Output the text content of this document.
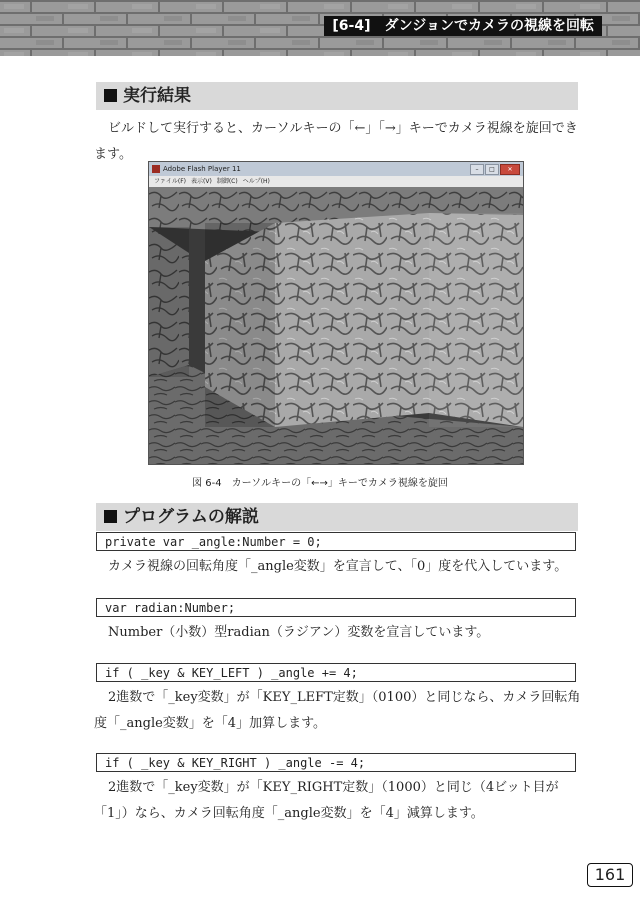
[6-4]　ダンジョンでカメラの視線を回転
実行結果
ビルドして実行すると、カーソルキーの「←」「→」キーでカメラ視線を旋回できます。
Adobe Flash Player 11	– □ ✕
ファイル(F) 表示(V) 制御(C) ヘルプ(H)
図 6-4　カーソルキーの「←→」キーでカメラ視線を旋回
プログラムの解説
private var _angle:Number = 0;
カメラ視線の回転角度「_angle変数」を宣言して、「0」度を代入しています。
var radian:Number;
Number（小数）型radian（ラジアン）変数を宣言しています。
if ( _key & KEY_LEFT ) _angle += 4;
2進数で「_key変数」が「KEY_LEFT定数」（0100）と同じなら、カメラ回転角度「_angle変数」を「4」加算します。
if ( _key & KEY_RIGHT ) _angle -= 4;
2進数で「_key変数」が「KEY_RIGHT定数」（1000）と同じ（4ビット目が「1」）なら、カメラ回転角度「_angle変数」を「4」減算します。
161
